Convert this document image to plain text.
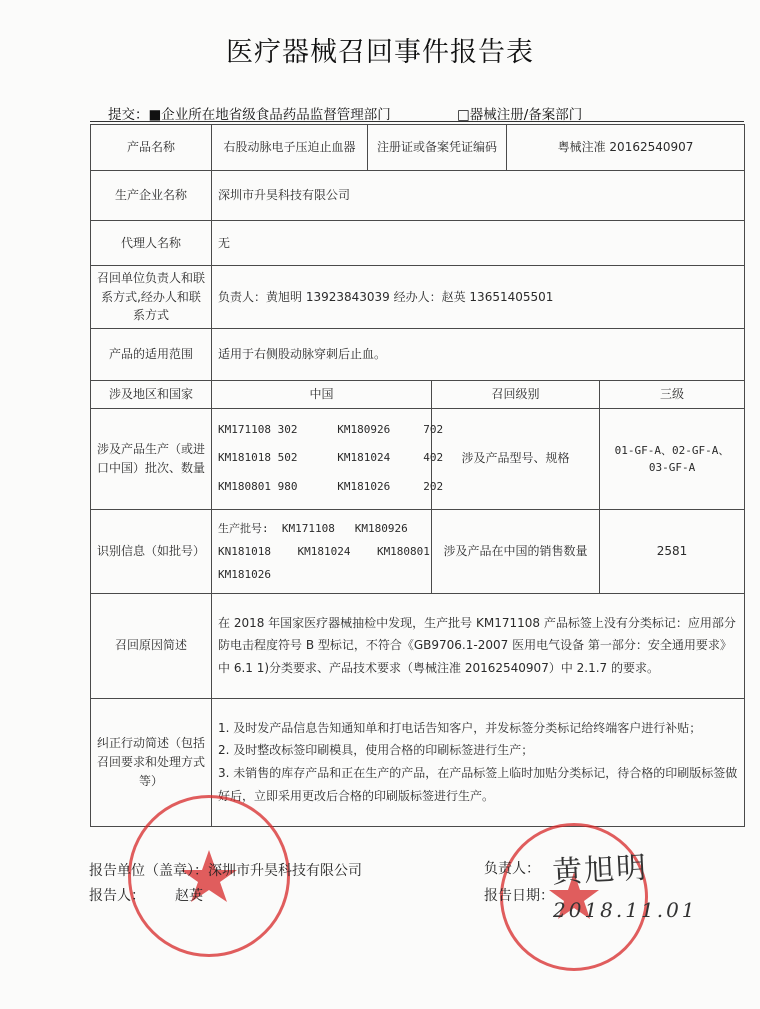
医疗器械召回事件报告表
提交：■企业所在地省级食品药品监督管理部门	□器械注册/备案部门
产品名称	右股动脉电子压迫止血器	注册证或备案凭证编码		粤械注准 20162540907	
生产企业名称	深圳市升昊科技有限公司				
代理人名称	无				
召回单位负责人和联系方式,经办人和联系方式	负责人：黄旭明 13923843039 经办人：赵英 13651405501				
产品的适用范围	适用于右侧股动脉穿刺后止血。				
涉及地区和国家	中国		召回级别		三级
涉及产品生产（或进口中国）批次、数量	KM171108 302      KM180926     702
KM181018 502      KM181024     402
KM180801 980      KM181026     202		涉及产品型号、规格		01-GF-A、02-GF-A、03-GF-A
识别信息（如批号）	生产批号:  KM171108   KM180926
KN181018    KM181024    KM180801
KM181026		涉及产品在中国的销售数量		2581
召回原因简述	在 2018 年国家医疗器械抽检中发现，生产批号 KM171108 产品标签上没有分类标记：应用部分防电击程度符号 B 型标记，不符合《GB9706.1-2007 医用电气设备 第一部分：安全通用要求》中 6.1 1)分类要求、产品技术要求（粤械注准 20162540907）中 2.1.7 的要求。				
纠正行动简述（包括召回要求和处理方式等）	1. 及时发产品信息告知通知单和打电话告知客户，并发标签分类标记给终端客户进行补贴；
2. 及时整改标签印刷模具，使用合格的印刷标签进行生产；
3. 未销售的库存产品和正在生产的产品，在产品标签上临时加贴分类标记，待合格的印刷版标签做好后，立即采用更改后合格的印刷版标签进行生产。				
报告单位（盖章）：深圳市升昊科技有限公司
报告人： 赵英
负责人： 黄旭明
报告日期：
2018.11.01
